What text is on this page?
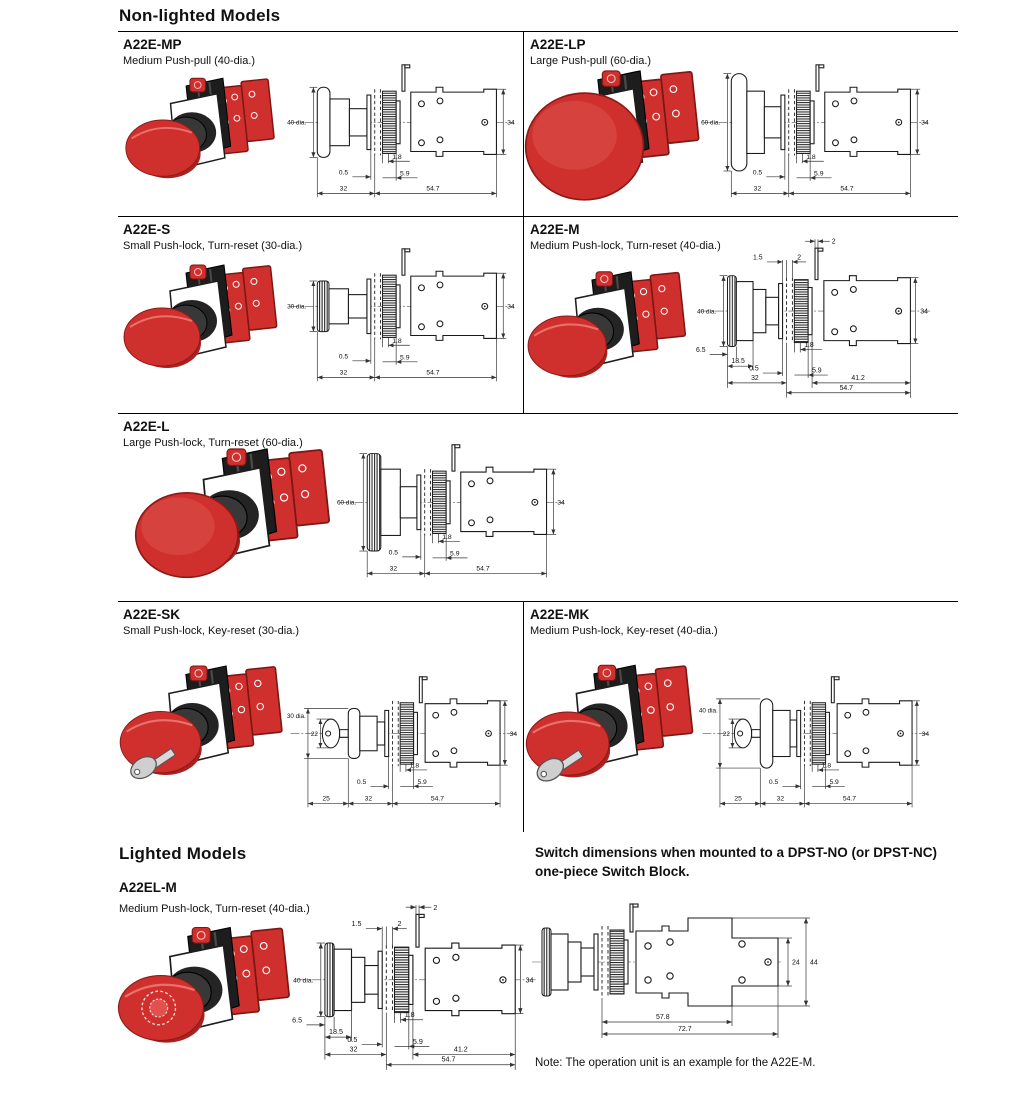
Non-lighted Models
A22E-MP
Medium Push-pull (40-dia.)
40 dia.	34
32	54.7
0.5
1.8
5.9
A22E-LP
Large Push-pull (60-dia.)
60 dia.	34
32	54.7
0.5
1.8
5.9
A22E-S
Small Push-lock, Turn-reset (30-dia.)
30 dia.	34
32	54.7
0.5
1.8
5.9
A22E-M
Medium Push-lock, Turn-reset (40-dia.)
40 dia.	34
2
1.5	2
6.5
18.5
0.5
1.8
5.9
32	41.2
54.7
A22E-L
Large Push-lock, Turn-reset (60-dia.)
60 dia.	34
32	54.7
0.5
1.8
5.9
A22E-SK
Small Push-lock, Key-reset (30-dia.)
30 dia.
22	34
25	32	54.7
0.5
1.8
5.9
A22E-MK
Medium Push-lock, Key-reset (40-dia.)
40 dia.
22	34
25	32	54.7
0.5
1.8
5.9
Lighted Models	Switch dimensions when mounted to a DPST-NO (or DPST-NC) one-piece Switch Block.
A22EL-M
Medium Push-lock, Turn-reset (40-dia.)
40 dia.	34
2
1.5	2
6.5
18.5
0.5
1.8
5.9
32	41.2
54.7
24 44
57.8
72.7
Note: The operation unit is an example for the A22E-M.
